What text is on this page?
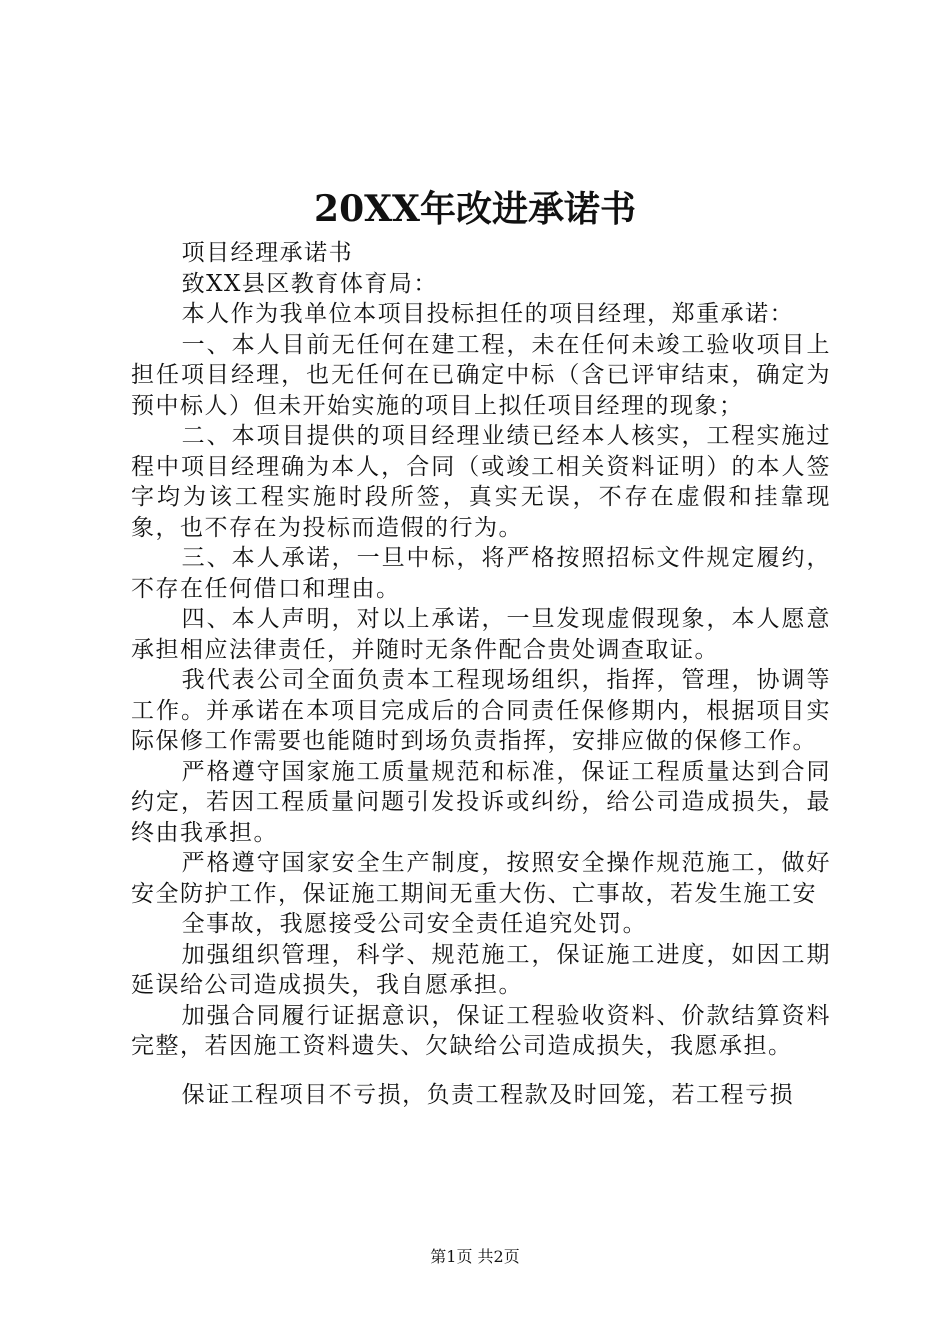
20XX年改进承诺书

项目经理承诺书

致XX县区教育体育局：

本人作为我单位本项目投标担任的项目经理，郑重承诺：

一、本人目前无任何在建工程，未在任何未竣工验收项目上担任项目经理，也无任何在已确定中标（含已评审结束，确定为预中标人）但未开始实施的项目上拟任项目经理的现象；

二、本项目提供的项目经理业绩已经本人核实，工程实施过程中项目经理确为本人，合同（或竣工相关资料证明）的本人签字均为该工程实施时段所签，真实无误，不存在虚假和挂靠现象，也不存在为投标而造假的行为。

三、本人承诺，一旦中标，将严格按照招标文件规定履约，不存在任何借口和理由。

四、本人声明，对以上承诺，一旦发现虚假现象，本人愿意承担相应法律责任，并随时无条件配合贵处调查取证。

我代表公司全面负责本工程现场组织，指挥，管理，协调等工作。并承诺在本项目完成后的合同责任保修期内，根据项目实际保修工作需要也能随时到场负责指挥，安排应做的保修工作。

严格遵守国家施工质量规范和标准，保证工程质量达到合同约定，若因工程质量问题引发投诉或纠纷，给公司造成损失，最终由我承担。

严格遵守国家安全生产制度，按照安全操作规范施工，做好安全防护工作，保证施工期间无重大伤、亡事故，若发生施工安

全事故，我愿接受公司安全责任追究处罚。

加强组织管理，科学、规范施工，保证施工进度，如因工期延误给公司造成损失，我自愿承担。

加强合同履行证据意识，保证工程验收资料、价款结算资料完整，若因施工资料遗失、欠缺给公司造成损失，我愿承担。

保证工程项目不亏损，负责工程款及时回笼，若工程亏损

第1页 共2页
